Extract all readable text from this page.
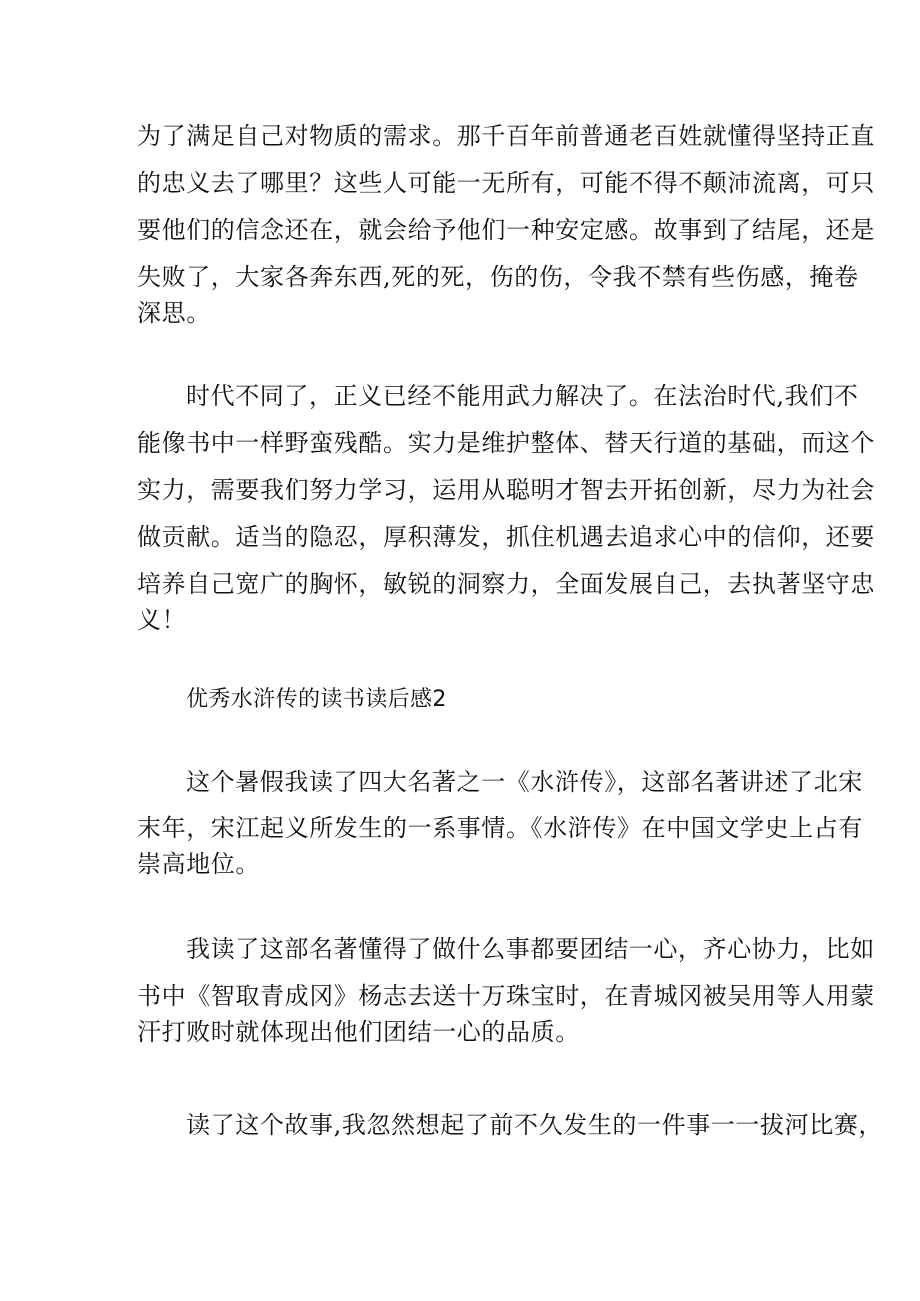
为了满足自己对物质的需求。那千百年前普通老百姓就懂得坚持正直
的忠义去了哪里？这些人可能一无所有，可能不得不颠沛流离，可只
要他们的信念还在，就会给予他们一种安定感。故事到了结尾，还是
失败了，大家各奔东西,死的死，伤的伤，令我不禁有些伤感，掩卷
深思。
时代不同了，正义已经不能用武力解决了。在法治时代,我们不
能像书中一样野蛮残酷。实力是维护整体、替天行道的基础，而这个
实力，需要我们努力学习，运用从聪明才智去开拓创新，尽力为社会
做贡献。适当的隐忍，厚积薄发，抓住机遇去追求心中的信仰，还要
培养自己宽广的胸怀，敏锐的洞察力，全面发展自己，去执著坚守忠
义！
优秀水浒传的读书读后感2
这个暑假我读了四大名著之一《水浒传》，这部名著讲述了北宋
末年，宋江起义所发生的一系事情。《水浒传》在中国文学史上占有
崇高地位。
我读了这部名著懂得了做什么事都要团结一心，齐心协力，比如
书中《智取青成冈》杨志去送十万珠宝时，在青城冈被吴用等人用蒙
汗打败时就体现出他们团结一心的品质。
读了这个故事,我忽然想起了前不久发生的一件事一一拔河比赛，
